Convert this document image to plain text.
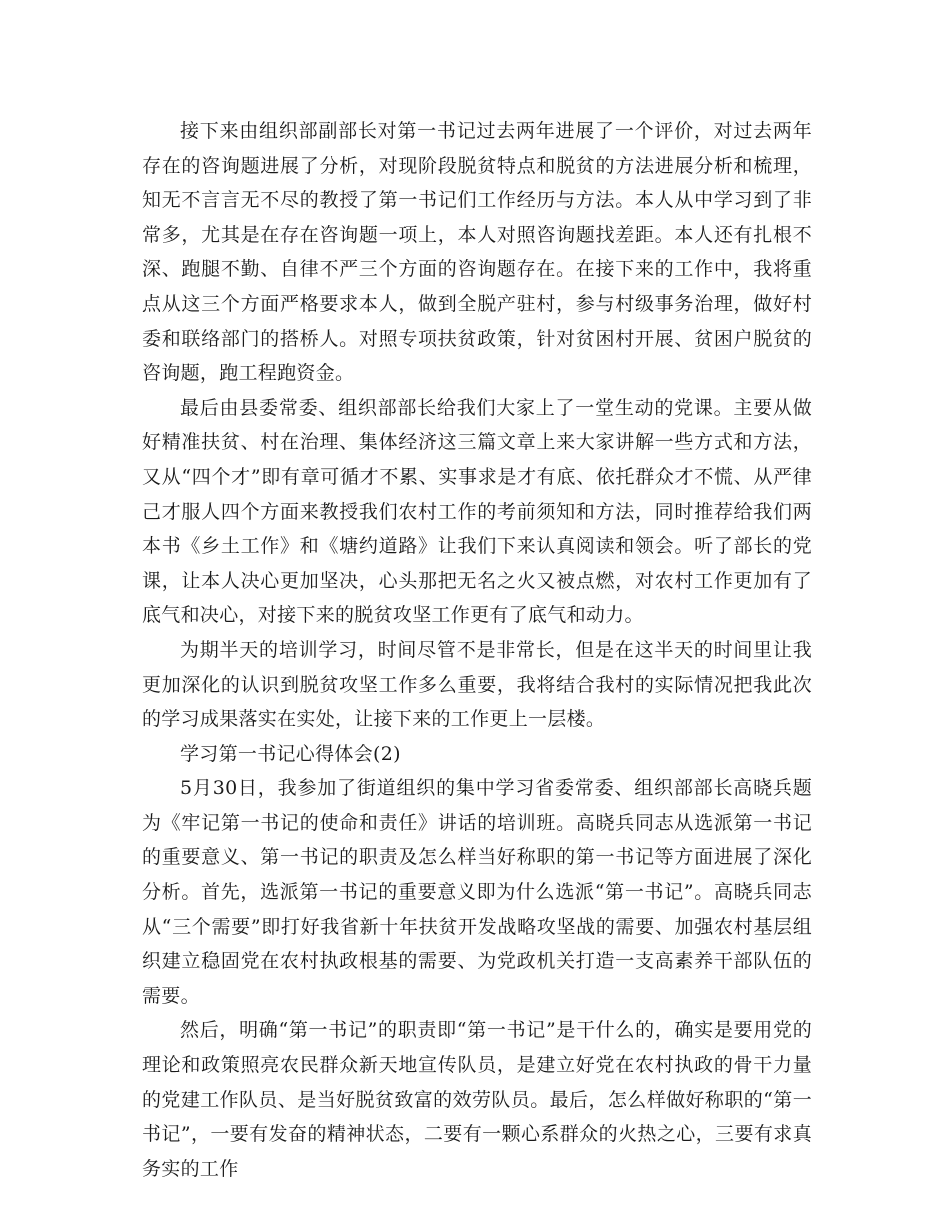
接下来由组织部副部长对第一书记过去两年进展了一个评价，对过去两年存在的咨询题进展了分析，对现阶段脱贫特点和脱贫的方法进展分析和梳理，知无不言言无不尽的教授了第一书记们工作经历与方法。本人从中学习到了非常多，尤其是在存在咨询题一项上，本人对照咨询题找差距。本人还有扎根不深、跑腿不勤、自律不严三个方面的咨询题存在。在接下来的工作中，我将重点从这三个方面严格要求本人，做到全脱产驻村，参与村级事务治理，做好村委和联络部门的搭桥人。对照专项扶贫政策，针对贫困村开展、贫困户脱贫的咨询题，跑工程跑资金。

最后由县委常委、组织部部长给我们大家上了一堂生动的党课。主要从做好精准扶贫、村在治理、集体经济这三篇文章上来大家讲解一些方式和方法，又从“四个才”即有章可循才不累、实事求是才有底、依托群众才不慌、从严律己才服人四个方面来教授我们农村工作的考前须知和方法，同时推荐给我们两本书《乡土工作》和《塘约道路》让我们下来认真阅读和领会。听了部长的党课，让本人决心更加坚决，心头那把无名之火又被点燃，对农村工作更加有了底气和决心，对接下来的脱贫攻坚工作更有了底气和动力。

为期半天的培训学习，时间尽管不是非常长，但是在这半天的时间里让我更加深化的认识到脱贫攻坚工作多么重要，我将结合我村的实际情况把我此次的学习成果落实在实处，让接下来的工作更上一层楼。

学习第一书记心得体会(2)

5月30日，我参加了街道组织的集中学习省委常委、组织部部长高晓兵题为《牢记第一书记的使命和责任》讲话的培训班。高晓兵同志从选派第一书记的重要意义、第一书记的职责及怎么样当好称职的第一书记等方面进展了深化分析。首先，选派第一书记的重要意义即为什么选派“第一书记”。高晓兵同志从“三个需要”即打好我省新十年扶贫开发战略攻坚战的需要、加强农村基层组织建立稳固党在农村执政根基的需要、为党政机关打造一支高素养干部队伍的需要。

然后，明确“第一书记”的职责即“第一书记”是干什么的，确实是要用党的理论和政策照亮农民群众新天地宣传队员，是建立好党在农村执政的骨干力量的党建工作队员、是当好脱贫致富的效劳队员。最后，怎么样做好称职的“第一书记”，一要有发奋的精神状态，二要有一颗心系群众的火热之心，三要有求真务实的工作
